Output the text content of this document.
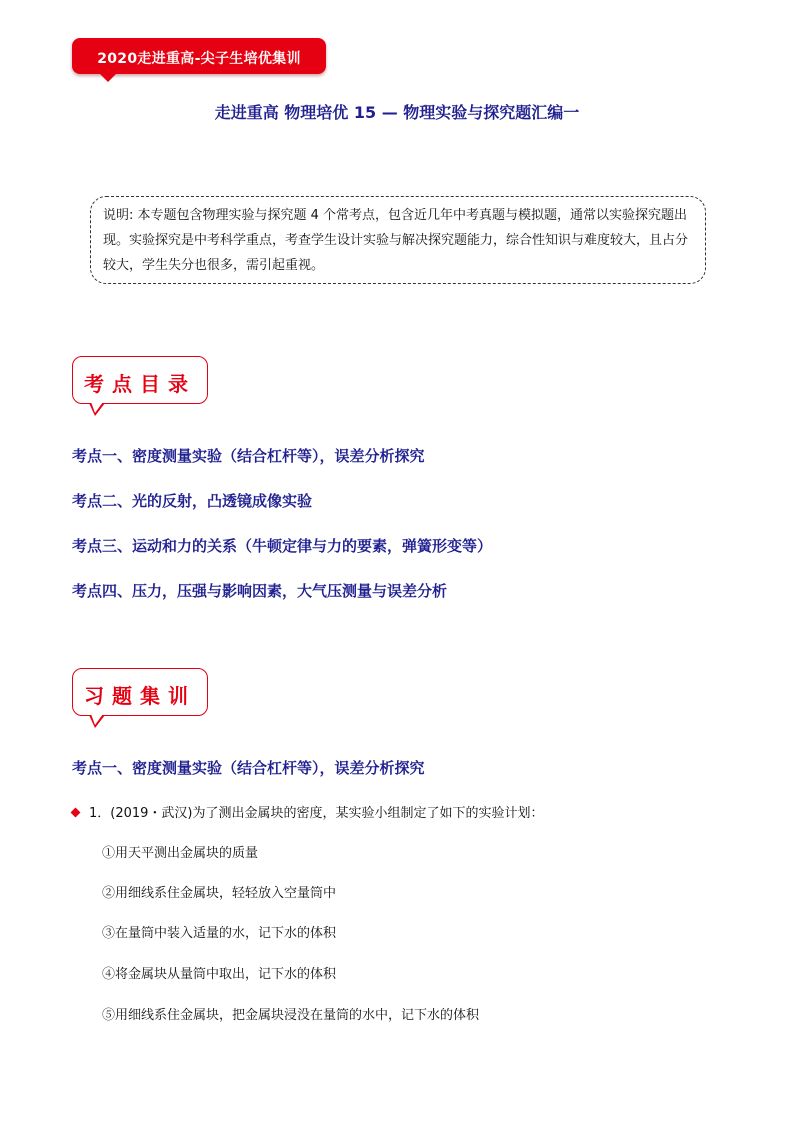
2020走进重高-尖子生培优集训
走进重高 物理培优 15 — 物理实验与探究题汇编一
说明: 本专题包含物理实验与探究题 4 个常考点，包含近几年中考真题与模拟题，通常以实验探究题出现。实验探究是中考科学重点，考查学生设计实验与解决探究题能力，综合性知识与难度较大，且占分较大，学生失分也很多，需引起重视。
考点目录
考点一、密度测量实验（结合杠杆等），误差分析探究
考点二、光的反射，凸透镜成像实验
考点三、运动和力的关系（牛顿定律与力的要素，弹簧形变等）
考点四、压力，压强与影响因素，大气压测量与误差分析
习题集训
考点一、密度测量实验（结合杠杆等），误差分析探究
1．(2019・武汉)为了测出金属块的密度，某实验小组制定了如下的实验计划：
①用天平测出金属块的质量
②用细线系住金属块，轻轻放入空量筒中
③在量筒中装入适量的水，记下水的体积
④将金属块从量筒中取出，记下水的体积
⑤用细线系住金属块，把金属块浸没在量筒的水中，记下水的体积
